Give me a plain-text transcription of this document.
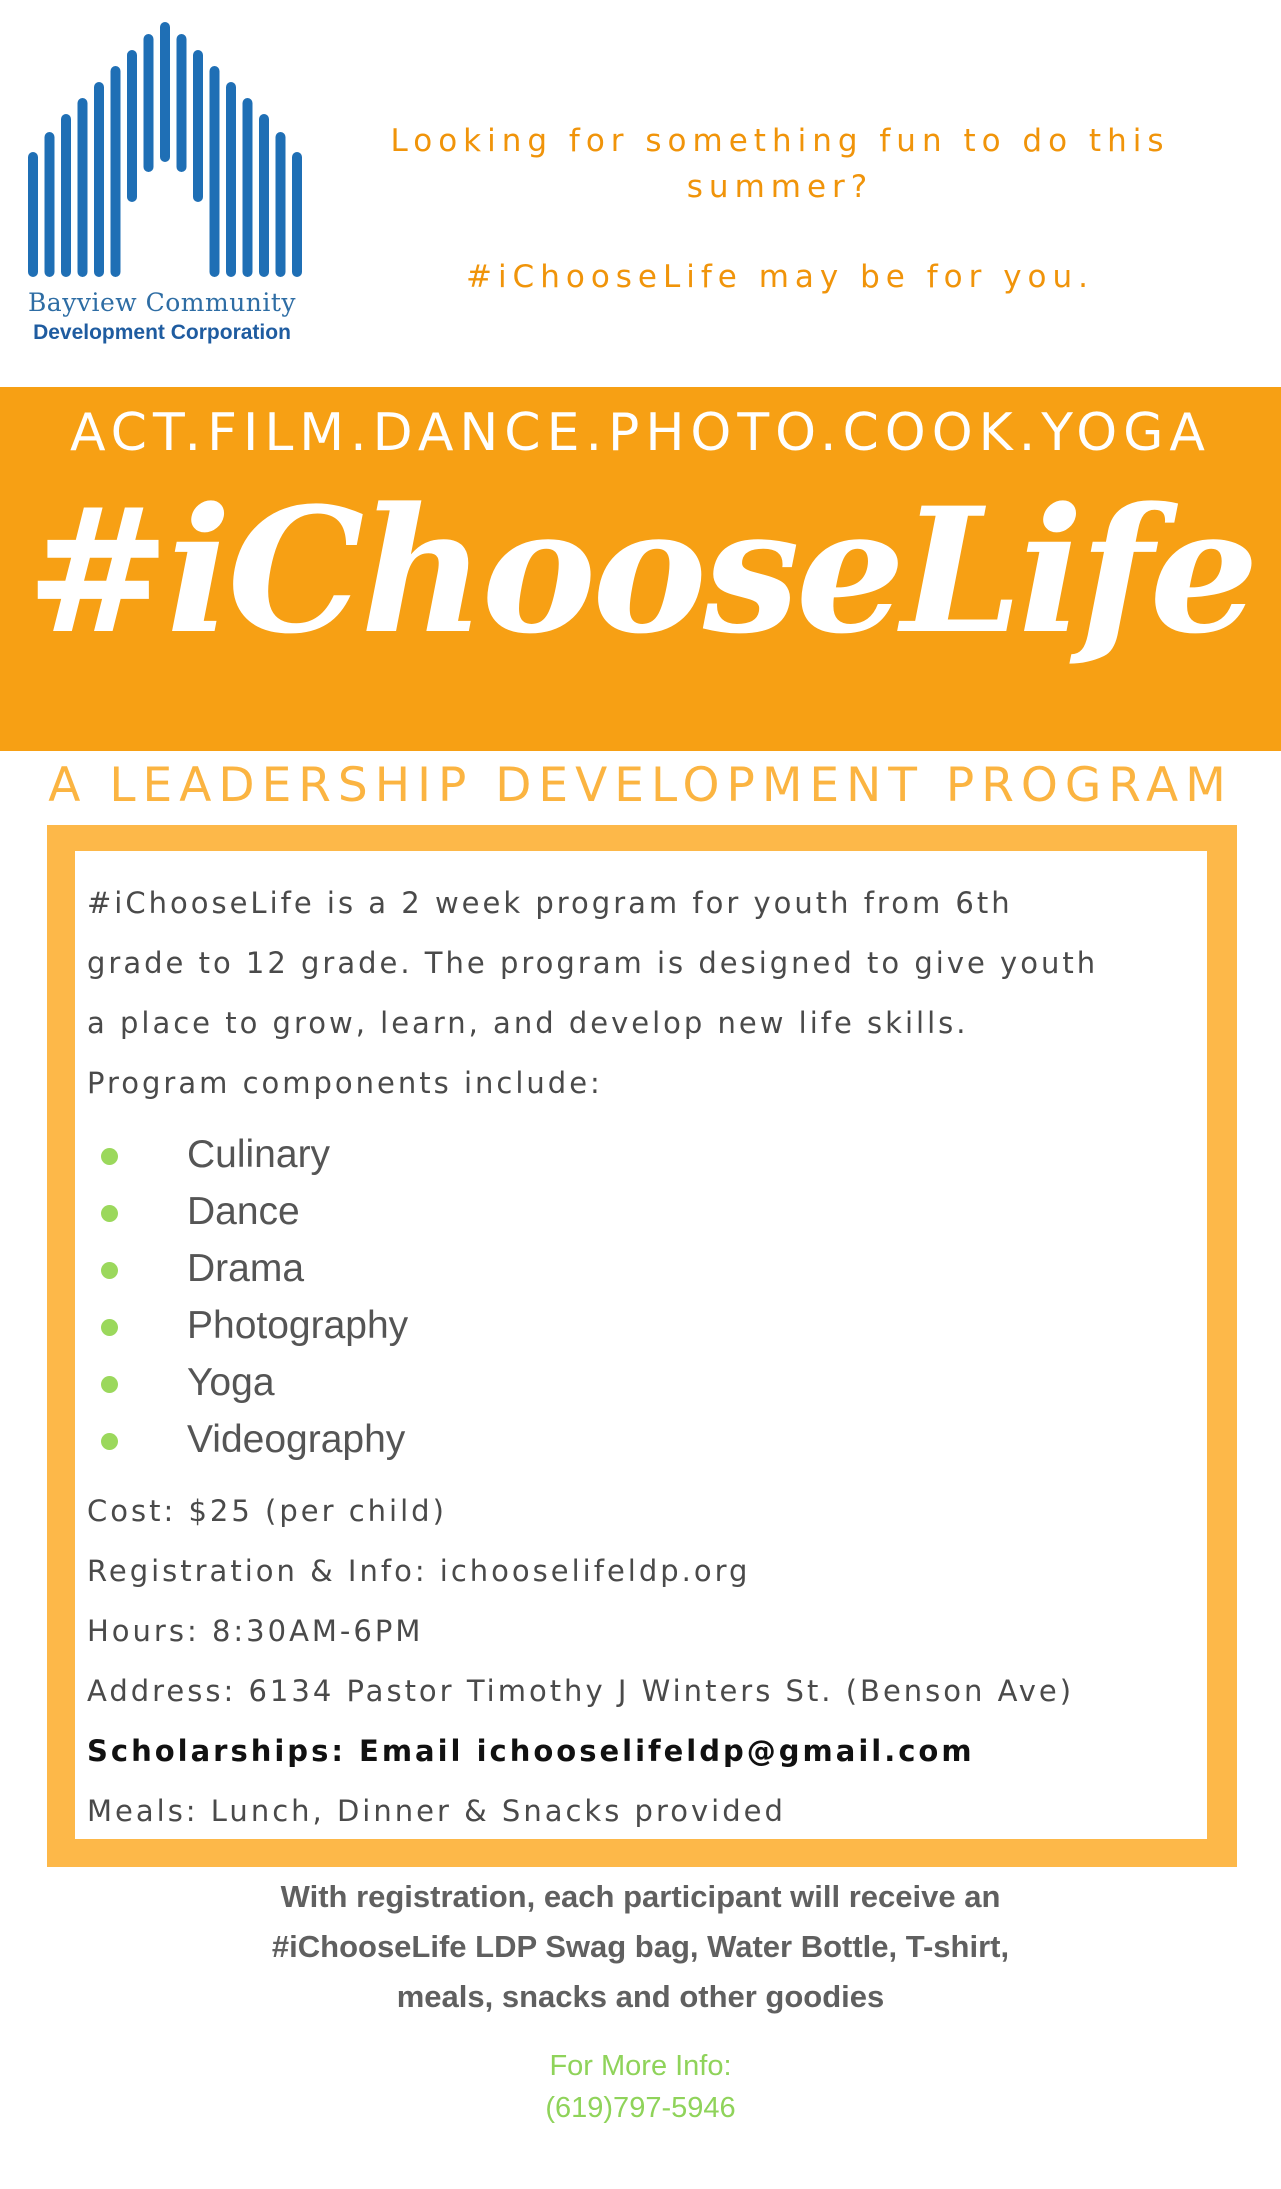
Bayview Community
Development Corporation

Looking for something fun to do this summer?

#iChooseLife may be for you.

ACT.FILM.DANCE.PHOTO.COOK.YOGA
#iChooseLife
A LEADERSHIP DEVELOPMENT PROGRAM

#iChooseLife is a 2 week program for youth from 6th

grade to 12 grade. The program is designed to give youth

a place to grow, learn, and develop new life skills.

Program components include:

Culinary
Dance
Drama
Photography
Yoga
Videography
Cost: $25 (per child)
Registration & Info: ichooselifeldp.org
Hours: 8:30AM-6PM
Address: 6134 Pastor Timothy J Winters St. (Benson Ave)
Scholarships: Email ichooselifeldp@gmail.com
Meals: Lunch, Dinner & Snacks provided

With registration, each participant will receive an

#iChooseLife LDP Swag bag, Water Bottle, T-shirt,

meals, snacks and other goodies

For More Info:

(619)797-5946
